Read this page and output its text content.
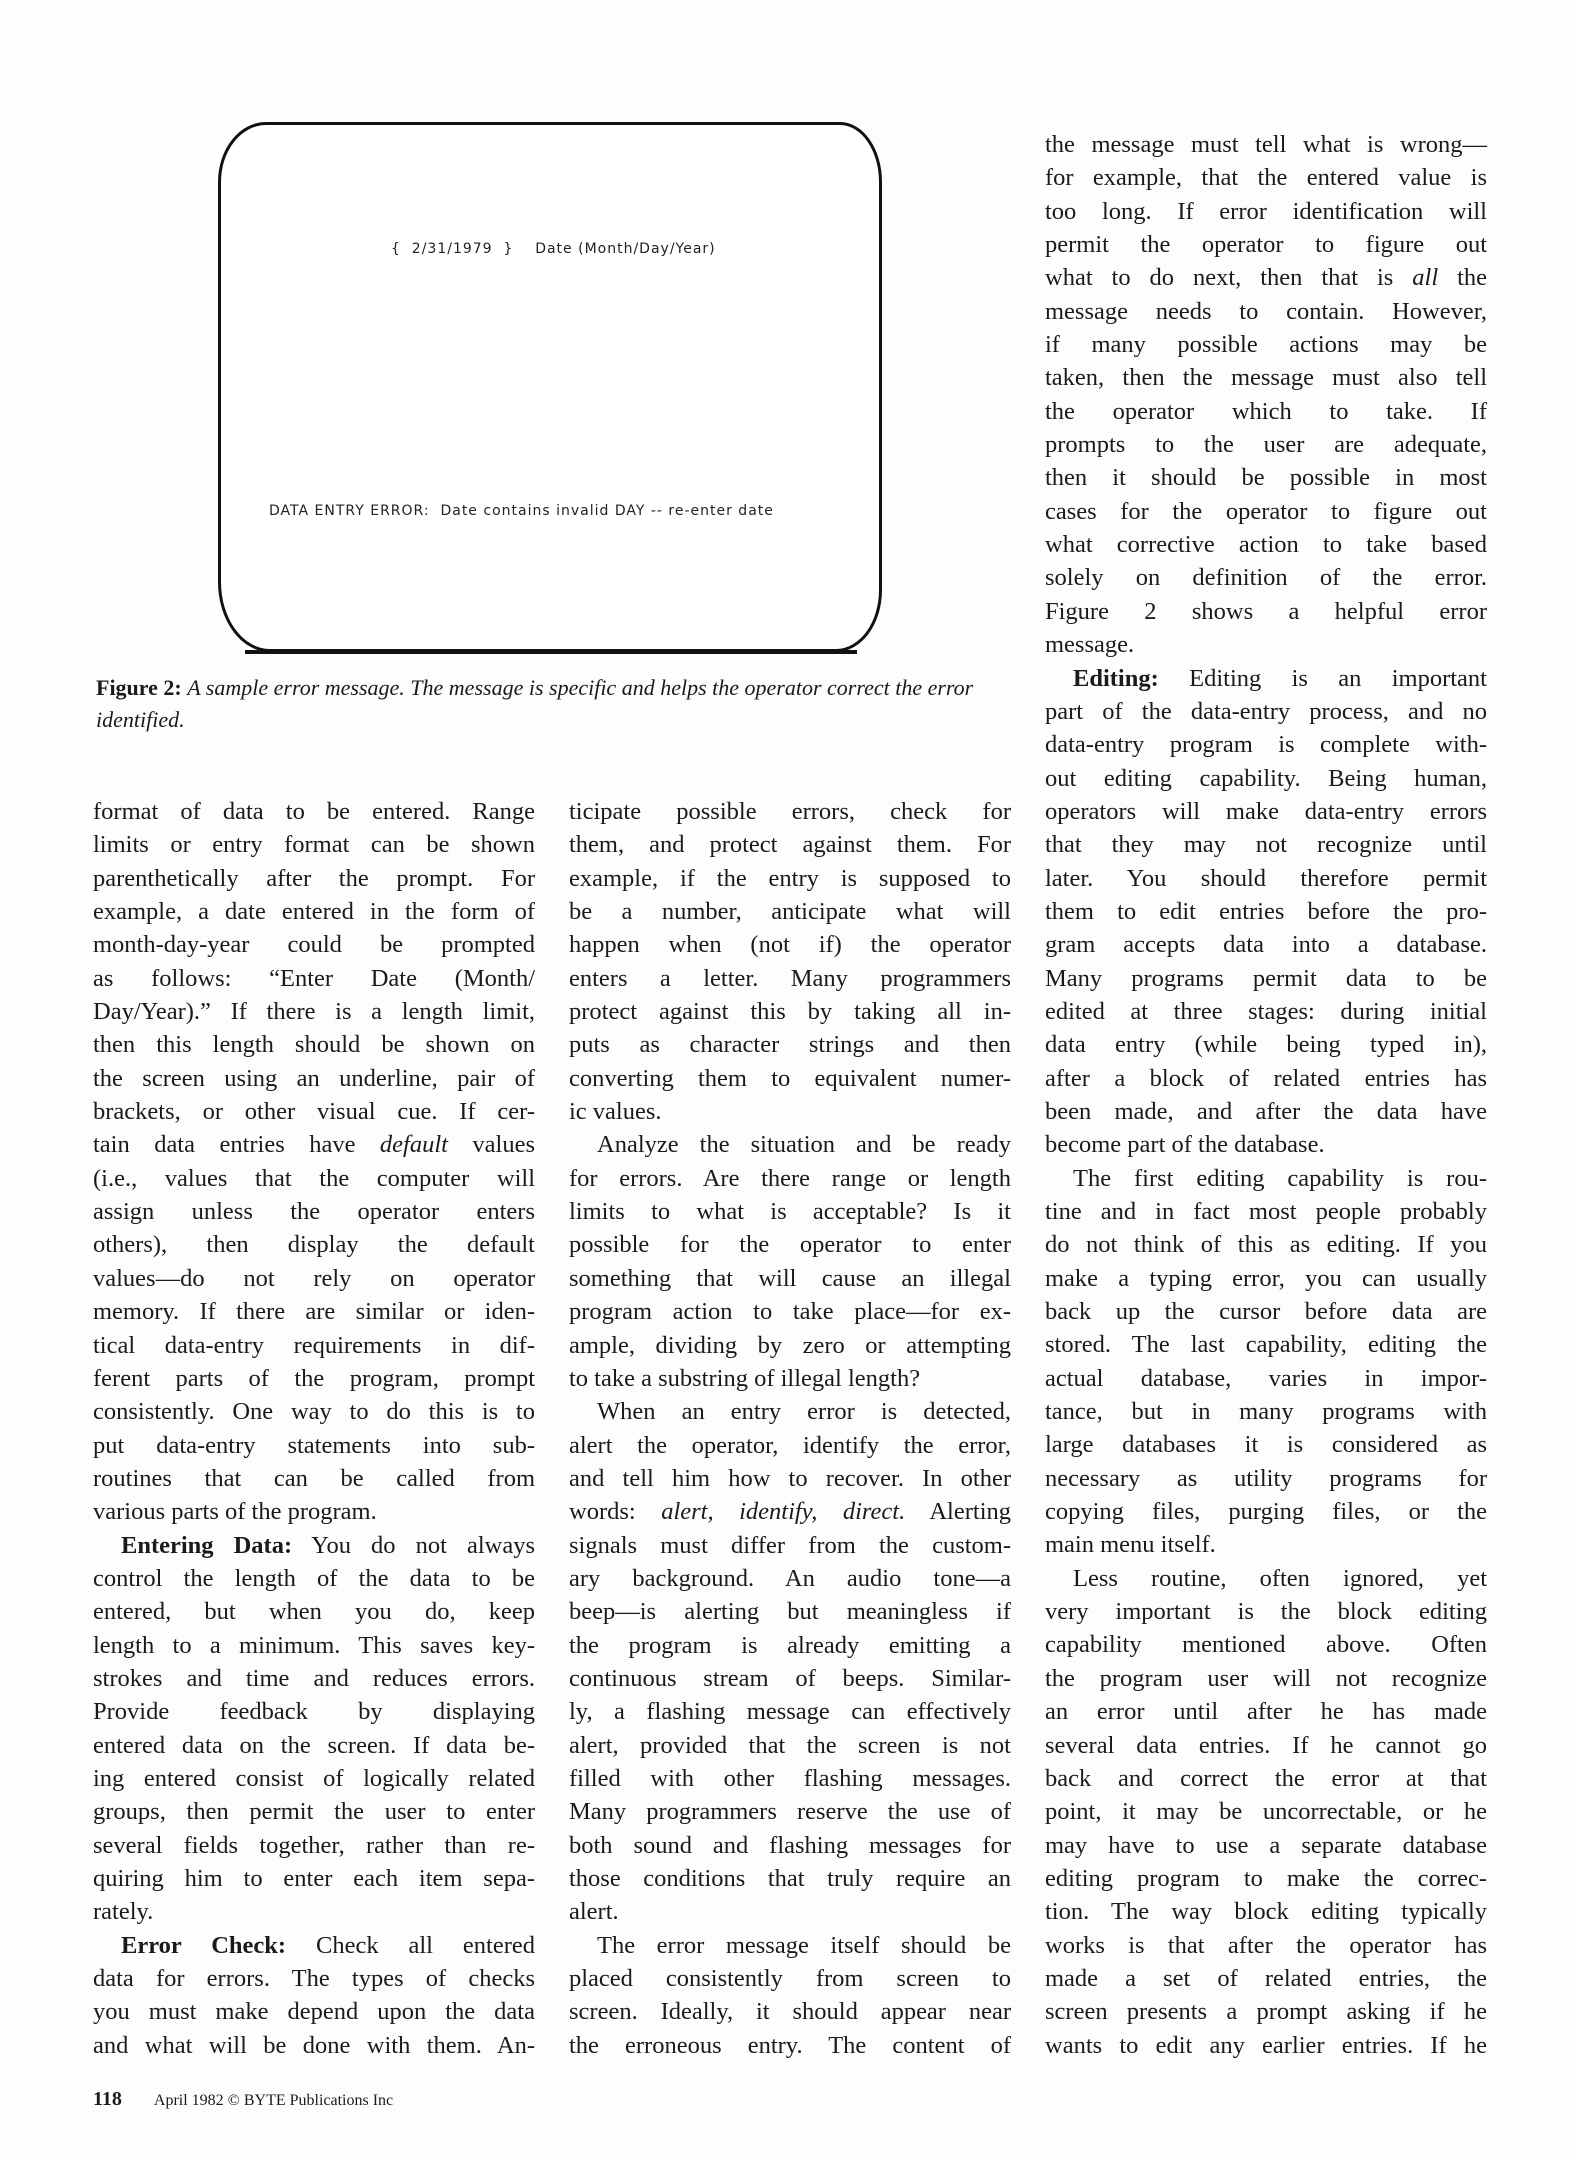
{  2/31/1979  }    Date (Month/Day/Year)
DATA ENTRY ERROR:  Date contains invalid DAY -- re-enter date
Figure 2: A sample error message. The message is specific and helps the operator correct the error identified.
format of data to be entered. Range
limits or entry format can be shown
parenthetically after the prompt. For
example, a date entered in the form of
month-day-year could be prompted
as follows: “Enter Date (Month/
Day/Year).” If there is a length limit,
then this length should be shown on
the screen using an underline, pair of
brackets, or other visual cue. If cer-
tain data entries have default values
(i.e., values that the computer will
assign unless the operator enters
others), then display the default
values—do not rely on operator
memory. If there are similar or iden-
tical data-entry requirements in dif-
ferent parts of the program, prompt
consistently. One way to do this is to
put data-entry statements into sub-
routines that can be called from
various parts of the program.
Entering Data: You do not always
control the length of the data to be
entered, but when you do, keep
length to a minimum. This saves key-
strokes and time and reduces errors.
Provide feedback by displaying
entered data on the screen. If data be-
ing entered consist of logically related
groups, then permit the user to enter
several fields together, rather than re-
quiring him to enter each item sepa-
rately.
Error Check: Check all entered
data for errors. The types of checks
you must make depend upon the data
and what will be done with them. An-
ticipate possible errors, check for
them, and protect against them. For
example, if the entry is supposed to
be a number, anticipate what will
happen when (not if) the operator
enters a letter. Many programmers
protect against this by taking all in-
puts as character strings and then
converting them to equivalent numer-
ic values.
Analyze the situation and be ready
for errors. Are there range or length
limits to what is acceptable? Is it
possible for the operator to enter
something that will cause an illegal
program action to take place—for ex-
ample, dividing by zero or attempting
to take a substring of illegal length?
When an entry error is detected,
alert the operator, identify the error,
and tell him how to recover. In other
words: alert, identify, direct. Alerting
signals must differ from the custom-
ary background. An audio tone—a
beep—is alerting but meaningless if
the program is already emitting a
continuous stream of beeps. Similar-
ly, a flashing message can effectively
alert, provided that the screen is not
filled with other flashing messages.
Many programmers reserve the use of
both sound and flashing messages for
those conditions that truly require an
alert.
The error message itself should be
placed consistently from screen to
screen. Ideally, it should appear near
the erroneous entry. The content of
the message must tell what is wrong—
for example, that the entered value is
too long. If error identification will
permit the operator to figure out
what to do next, then that is all the
message needs to contain. However,
if many possible actions may be
taken, then the message must also tell
the operator which to take. If
prompts to the user are adequate,
then it should be possible in most
cases for the operator to figure out
what corrective action to take based
solely on definition of the error.
Figure 2 shows a helpful error
message.
Editing: Editing is an important
part of the data-entry process, and no
data-entry program is complete with-
out editing capability. Being human,
operators will make data-entry errors
that they may not recognize until
later. You should therefore permit
them to edit entries before the pro-
gram accepts data into a database.
Many programs permit data to be
edited at three stages: during initial
data entry (while being typed in),
after a block of related entries has
been made, and after the data have
become part of the database.
The first editing capability is rou-
tine and in fact most people probably
do not think of this as editing. If you
make a typing error, you can usually
back up the cursor before data are
stored. The last capability, editing the
actual database, varies in impor-
tance, but in many programs with
large databases it is considered as
necessary as utility programs for
copying files, purging files, or the
main menu itself.
Less routine, often ignored, yet
very important is the block editing
capability mentioned above. Often
the program user will not recognize
an error until after he has made
several data entries. If he cannot go
back and correct the error at that
point, it may be uncorrectable, or he
may have to use a separate database
editing program to make the correc-
tion. The way block editing typically
works is that after the operator has
made a set of related entries, the
screen presents a prompt asking if he
wants to edit any earlier entries. If he
118 April 1982 © BYTE Publications Inc
